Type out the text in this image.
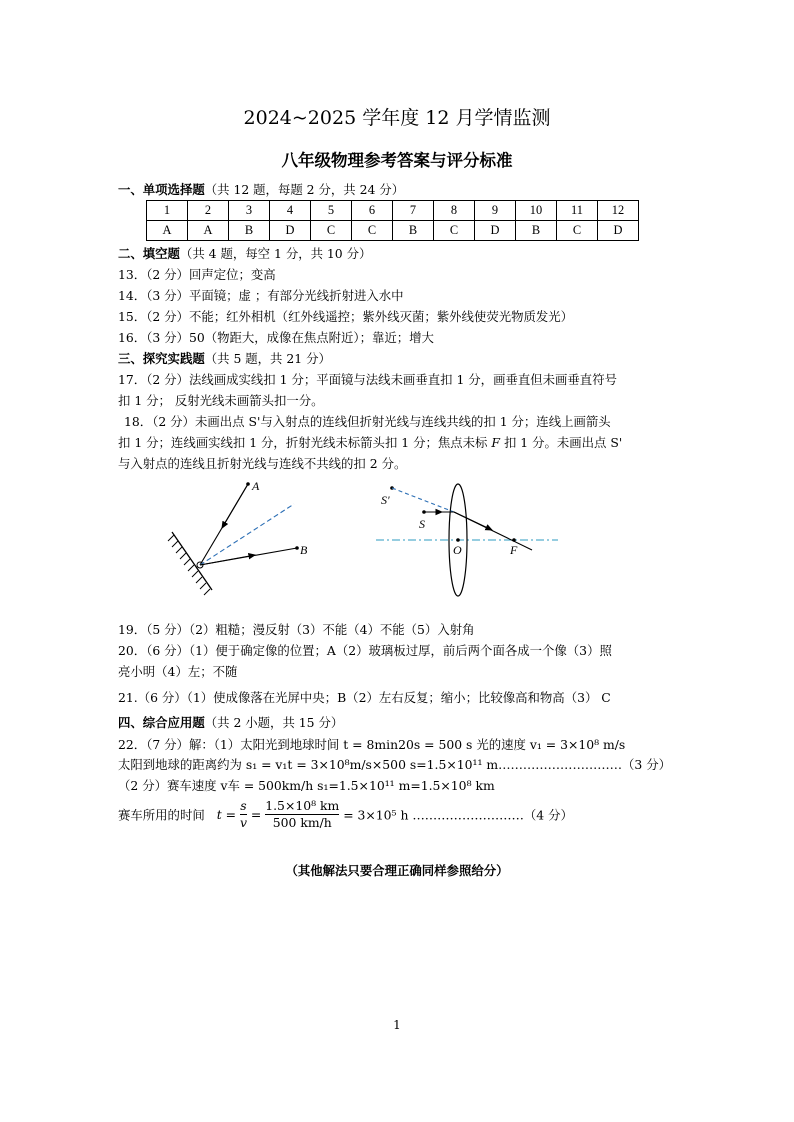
2024~2025 学年度 12 月学情监测
八年级物理参考答案与评分标准
一、单项选择题（共 12 题，每题 2 分，共 24 分）
1	2	3	4	5	6	7	8	9	10	11	12
A	A	B	D	C	C	B	C	D	B	C	D
二、填空题（共 4 题，每空 1 分，共 10 分）
13．（2 分）回声定位；变高
14．（3 分）平面镜；虚 ；有部分光线折射进入水中
15．（2 分）不能；红外相机（红外线遥控；紫外线灭菌；紫外线使荧光物质发光）
16．（3 分）50（物距大，成像在焦点附近）；靠近；增大
三、探究实践题（共 5 题，共 21 分）
17．（2 分）法线画成实线扣 1 分；平面镜与法线未画垂直扣 1 分，画垂直但未画垂直符号
扣 1 分； 反射光线未画箭头扣一分。
18．（2 分）未画出点 S'与入射点的连线但折射光线与连线共线的扣 1 分；连线上画箭头
扣 1 分；连线画实线扣 1 分，折射光线未标箭头扣 1 分；焦点未标 F 扣 1 分。未画出点 S'
与入射点的连线且折射光线与连线不共线的扣 2 分。
A
B
S'
S
O	F
19．（5 分）（2）粗糙；漫反射（3）不能（4）不能（5）入射角
20．（6 分）（1）便于确定像的位置；A（2）玻璃板过厚，前后两个面各成一个像（3）照
亮小明（4）左；不随
21.（6 分）（1）使成像落在光屏中央；B（2）左右反复；缩小；比较像高和物高（3） C
四、综合应用题（共 2 小题，共 15 分）
22．（7 分）解：（1）太阳光到地球时间 t = 8min20s = 500 s 光的速度 v₁ = 3×10⁸ m/s
太阳到地球的距离约为 s₁ = v₁t = 3×10⁸m/s×500 s=1.5×10¹¹ m…………………………（3 分）
（2 分）赛车速度 v车 = 500km/h s₁=1.5×10¹¹ m=1.5×10⁸ km
赛车所用的时间 $t = \frac{s}{v} = \frac{\text{1.5×10⁸ km}}{500 km/h} = 3\times 10^5$ h ………………………（4 分）
（其他解法只要合理正确同样参照给分）
1
